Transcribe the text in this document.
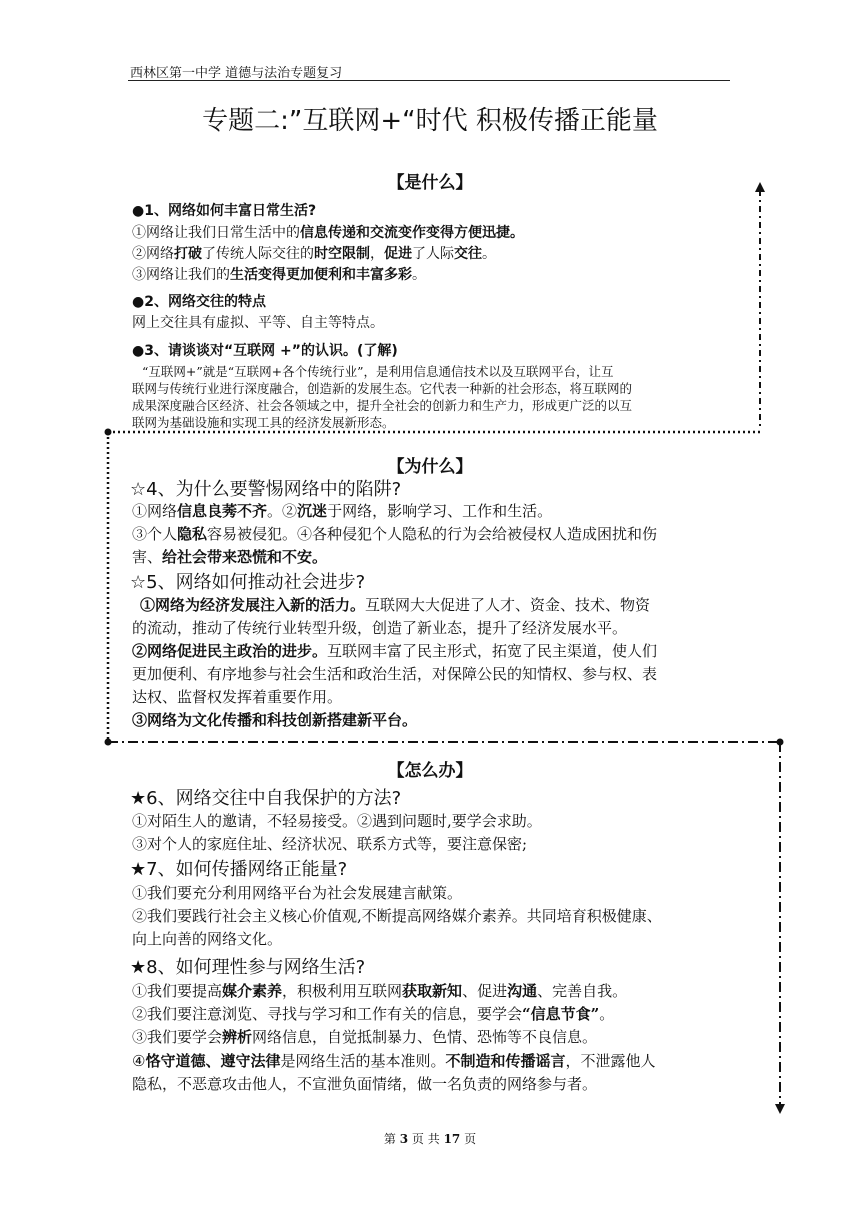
西林区第一中学 道德与法治专题复习
专题二:”互联网+“时代 积极传播正能量
【是什么】
●1、网络如何丰富日常生活?
①网络让我们日常生活中的信息传递和交流变作变得方便迅捷。
②网络打破了传统人际交往的时空限制，促进了人际交往。
③网络让我们的生活变得更加便利和丰富多彩。
●2、网络交往的特点
网上交往具有虚拟、平等、自主等特点。
●3、请谈谈对“互联网 +”的认识。(了解)
“互联网+”就是“互联网+各个传统行业”，是利用信息通信技术以及互联网平台，让互
联网与传统行业进行深度融合，创造新的发展生态。它代表一种新的社会形态，将互联网的
成果深度融合区经济、社会各领域之中，提升全社会的创新力和生产力，形成更广泛的以互
联网为基础设施和实现工具的经济发展新形态。
【为什么】
☆4、为什么要警惕网络中的陷阱?
①网络信息良莠不齐。②沉迷于网络，影响学习、工作和生活。
③个人隐私容易被侵犯。④各种侵犯个人隐私的行为会给被侵权人造成困扰和伤
害、给社会带来恐慌和不安。
☆5、网络如何推动社会进步?
①网络为经济发展注入新的活力。互联网大大促进了人才、资金、技术、物资
的流动，推动了传统行业转型升级，创造了新业态，提升了经济发展水平。
②网络促进民主政治的进步。互联网丰富了民主形式，拓宽了民主渠道，使人们
更加便利、有序地参与社会生活和政治生活，对保障公民的知情权、参与权、表
达权、监督权发挥着重要作用。
③网络为文化传播和科技创新搭建新平台。
【怎么办】
★6、网络交往中自我保护的方法?
①对陌生人的邀请，不轻易接受。②遇到问题时,要学会求助。
③对个人的家庭住址、经济状况、联系方式等，要注意保密;
★7、如何传播网络正能量?
①我们要充分利用网络平台为社会发展建言献策。
②我们要践行社会主义核心价值观,不断提高网络媒介素养。共同培育积极健康、
向上向善的网络文化。
★8、如何理性参与网络生活?
①我们要提高媒介素养，积极利用互联网获取新知、促进沟通、完善自我。
②我们要注意浏览、寻找与学习和工作有关的信息，要学会“信息节食”。
③我们要学会辨析网络信息，自觉抵制暴力、色情、恐怖等不良信息。
④恪守道德、遵守法律是网络生活的基本准则。不制造和传播谣言，不泄露他人
隐私，不恶意攻击他人，不宣泄负面情绪，做一名负责的网络参与者。
第 3 页 共 17 页
